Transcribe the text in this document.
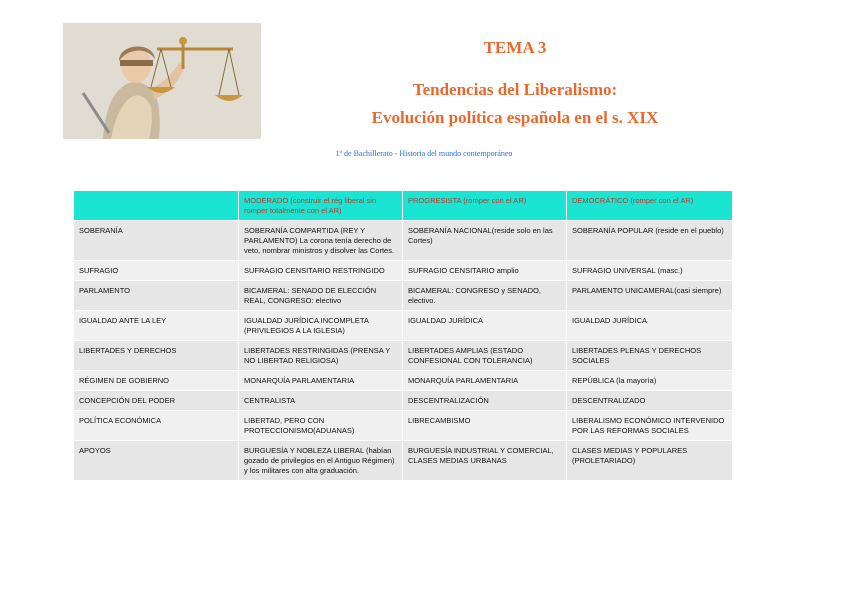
TEMA 3
Tendencias del Liberalismo:
Evolución política española en el s. XIX
1º de Bachillerato - Historia del mundo contemporáneo
	MODERADO (construir el rég liberal sin romper totalmente con el AR)	PROGRESISTA (romper con el AR)	DEMOCRÁTICO (romper con el AR)
SOBERANÍA	SOBERANÍA COMPARTIDA (REY Y PARLAMENTO) La corona tenía derecho de veto, nombrar ministros y disolver las Cortes.	SOBERANÍA NACIONAL(reside solo en las Cortes)	SOBERANÍA POPULAR (reside en el pueblo)
SUFRAGIO	SUFRAGIO CENSITARIO RESTRINGIDO	SUFRAGIO CENSITARIO amplio	SUFRAGIO UNIVERSAL (masc.)
PARLAMENTO	BICAMERAL: SENADO DE ELECCIÓN REAL, CONGRESO: electivo	BICAMERAL: CONGRESO y SENADO, electivo.	PARLAMENTO UNICAMERAL(casi siempre)
IGUALDAD ANTE LA LEY	IGUALDAD JURÍDICA INCOMPLETA (PRIVILEGIOS A LA IGLESIA)	IGUALDAD JURÍDICA	IGUALDAD JURÍDICA
LIBERTADES Y DERECHOS	LIBERTADES RESTRINGIDAS (PRENSA Y NO LIBERTAD RELIGIOSA)	LIBERTADES AMPLIAS (ESTADO CONFESIONAL CON TOLERANCIA)	LIBERTADES PLENAS Y DERECHOS SOCIALES
RÉGIMEN DE GOBIERNO	MONARQUÍA PARLAMENTARIA	MONARQUÍA PARLAMENTARIA	REPÚBLICA (la mayoría)
CONCEPCIÓN DEL PODER	CENTRALISTA	DESCENTRALIZACIÓN	DESCENTRALIZADO
POLÍTICA ECONÓMICA	LIBERTAD, PERO CON PROTECCIONISMO(ADUANAS)	LIBRECAMBISMO	LIBERALISMO ECONÓMICO INTERVENIDO POR LAS REFORMAS SOCIALES
APOYOS	BURGUESÍA Y NOBLEZA LIBERAL (habían gozado de privilegios en el Antiguo Régimen) y los militares con alta graduación.	BURGUESÍA INDUSTRIAL Y COMERCIAL, CLASES MEDIAS URBANAS	CLASES MEDIAS Y POPULARES (PROLETARIADO)
